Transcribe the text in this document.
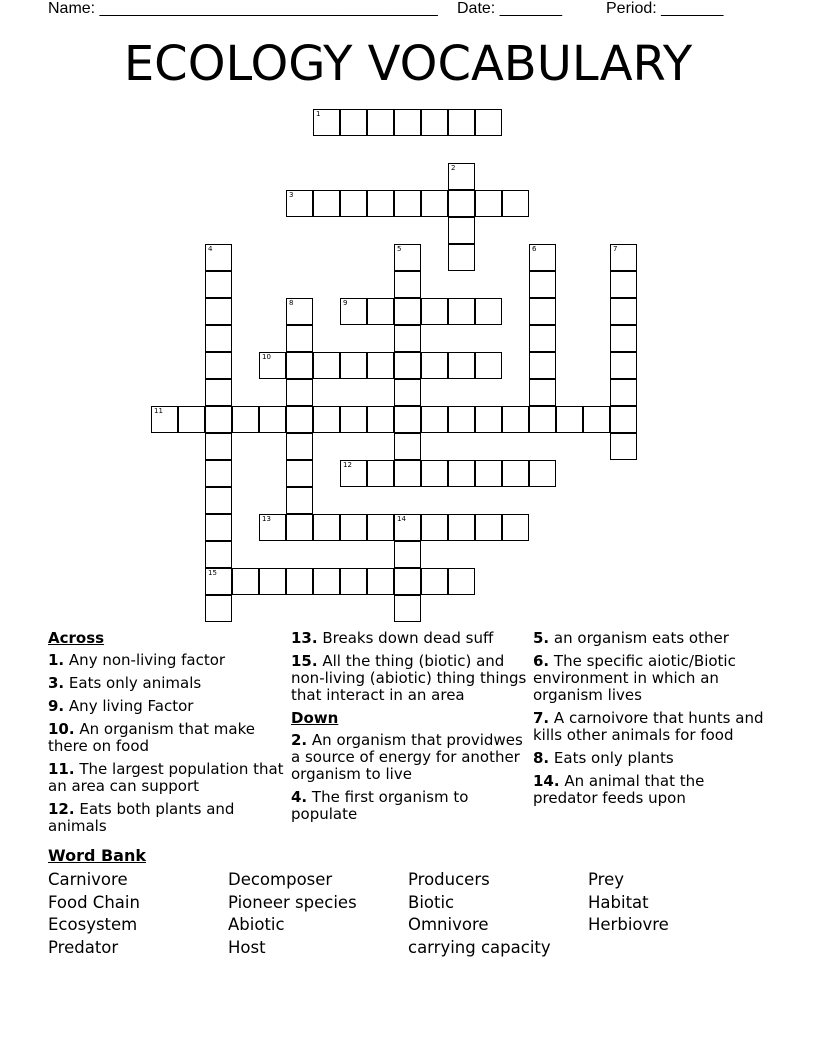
Name: ______________________________________ Date: _______	Period: _______
ECOLOGY VOCABULARY
1
2
3
4
15
5	6	7
8	9
10
11
12
13	14
Across
1. Any non-living factor
3. Eats only animals
9. Any living Factor
10. An organism that make there on food
11. The largest population that an area can support
12. Eats both plants and animals
13. Breaks down dead suff
15. All the thing (biotic) and non-living (abiotic) thing things that interact in an area
Down
2. An organism that providwes a source of energy for another organism to live
4. The first organism to populate
5. an organism eats other
6. The specific aiotic/Biotic environment in which an organism lives
7. A carnoivore that hunts and kills other animals for food
8. Eats only plants
14. An animal that the predator feeds upon
Word Bank
Carnivore
Food Chain
Ecosystem
Predator
Decomposer
Pioneer species
Abiotic
Host
Producers
Biotic
Omnivore
carrying capacity
Prey
Habitat
Herbiovre
